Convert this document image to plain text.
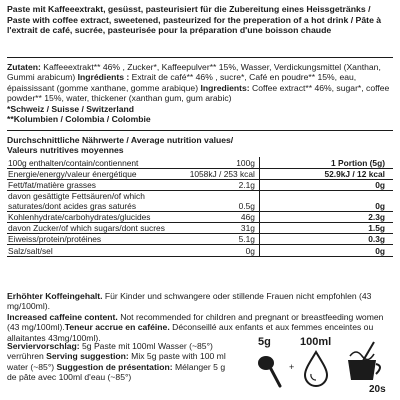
Paste mit Kaffeeextrakt, gesüsst, pasteurisiert für die Zubereitung eines Heissgetränks / Paste with coffee extract, sweetened, pasteurized for the preperation of a hot drink / Pâte à l'extrait de café, sucrée, pasteurisée pour la préparation d'une boisson chaude
Zutaten: Kaffeeextrakt** 46% , Zucker*, Kaffeepulver** 15%, Wasser, Verdickungsmittel (Xanthan, Gummi arabicum) Ingrédients : Extrait de café** 46% , sucre*, Café en poudre** 15%, eau, épaississant (gomme xanthane, gomme arabique) Ingredients: Coffee extract** 46%, sugar*, coffee powder** 15%, water, thickener (xanthan gum, gum arabic)
*Schweiz / Suisse / Switzerland
**Kolumbien / Colombia / Colombie
Durchschnittliche Nährwerte / Average nutrition values/
Valeurs nutritives moyennes
100g enthalten/contain/contiennent	100g	1 Portion (5g)
Energie/energy/valeur énergétique	1058kJ / 253 kcal	52.9kJ / 12 kcal
Fett/fat/matière grasses	2.1g	0g
davon gesättigte Fettsäuren/of which saturates/dont acides gras saturés	0.5g	0g
Kohlenhydrate/carbohydrates/glucides	46g	2.3g
davon Zucker/of which sugars/dont sucres	31g	1.5g
Eiweiss/protein/protéines	5.1g	0.3g
Salz/salt/sel	0g	0g
Erhöhter Koffeingehalt. Für Kinder und schwangere oder stillende Frauen nicht empfohlen (43 mg/100ml).
Increased caffeine content. Not recommended for children and pregnant or breastfeeding women (43 mg/100ml).Teneur accrue en caféine. Déconseillé aux enfants et aux femmes enceintes ou allaitantes 43mg/100ml).
Serviervorschlag: 5g Paste mit 100ml Wasser (~85°) verrühren Serving suggestion: Mix 5g paste with 100 ml water (~85°) Suggestion de présentation: Mélanger 5 g de pâte avec 100ml d'eau (~85°)
5g	100ml
20s
+
